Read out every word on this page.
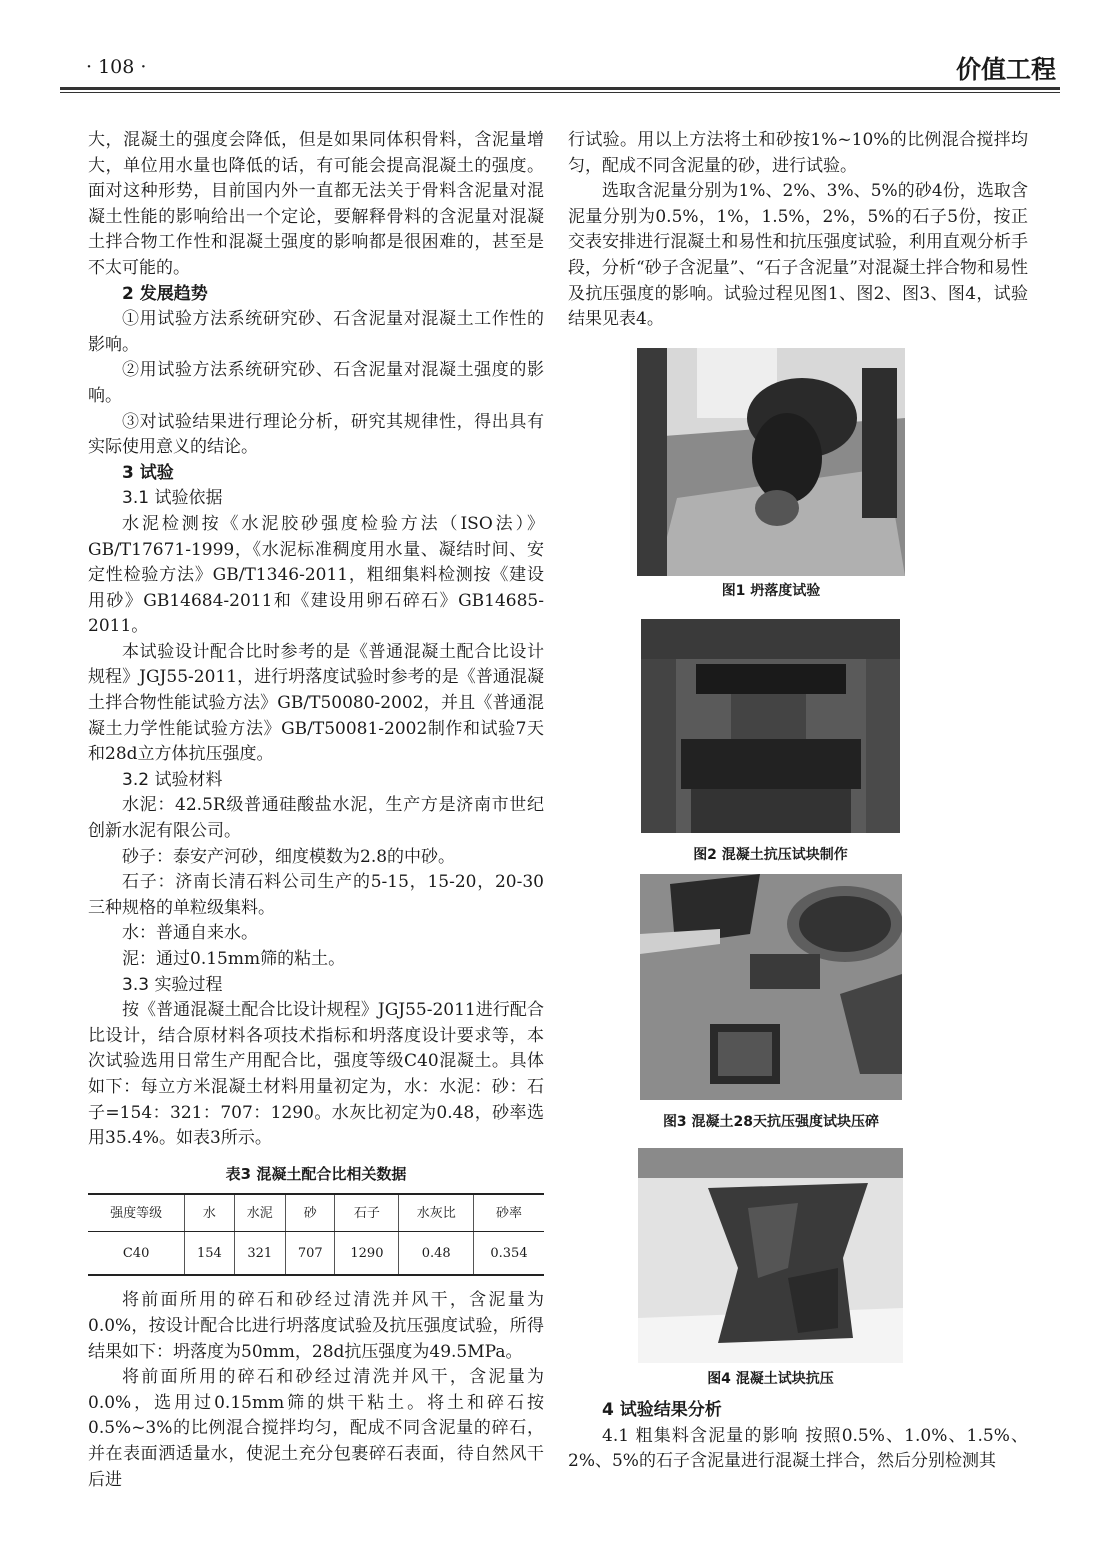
· 108 ·	价值工程

大，混凝土的强度会降低，但是如果同体积骨料，含泥量增大，单位用水量也降低的话，有可能会提高混凝土的强度。面对这种形势，目前国内外一直都无法关于骨料含泥量对混凝土性能的影响给出一个定论，要解释骨料的含泥量对混凝土拌合物工作性和混凝土强度的影响都是很困难的，甚至是不太可能的。

2 发展趋势

①用试验方法系统研究砂、石含泥量对混凝土工作性的影响。

②用试验方法系统研究砂、石含泥量对混凝土强度的影响。

③对试验结果进行理论分析，研究其规律性，得出具有实际使用意义的结论。

3 试验
3.1 试验依据

水泥检测按《水泥胶砂强度检验方法（ISO法）》GB/T17671-1999，《水泥标准稠度用水量、凝结时间、安定性检验方法》GB/T1346-2011，粗细集料检测按《建设用砂》GB14684-2011和《建设用卵石碎石》GB14685-2011。

本试验设计配合比时参考的是《普通混凝土配合比设计规程》JGJ55-2011，进行坍落度试验时参考的是《普通混凝土拌合物性能试验方法》GB/T50080-2002，并且《普通混凝土力学性能试验方法》GB/T50081-2002制作和试验7天和28d立方体抗压强度。

3.2 试验材料

水泥：42.5R级普通硅酸盐水泥，生产方是济南市世纪创新水泥有限公司。

砂子：泰安产河砂，细度模数为2.8的中砂。

石子：济南长清石料公司生产的5-15，15-20，20-30三种规格的单粒级集料。

水：普通自来水。

泥：通过0.15mm筛的粘土。

3.3 实验过程

按《普通混凝土配合比设计规程》JGJ55-2011进行配合比设计，结合原材料各项技术指标和坍落度设计要求等，本次试验选用日常生产用配合比，强度等级C40混凝土。具体如下：每立方米混凝土材料用量初定为，水：水泥：砂：石子=154：321：707：1290。水灰比初定为0.48，砂率选用35.4%。如表3所示。

表3 混凝土配合比相关数据
强度等级	水	水泥	砂	石子	水灰比	砂率
C40	154	321	707	1290	0.48	0.354

将前面所用的碎石和砂经过清洗并风干，含泥量为0.0%，按设计配合比进行坍落度试验及抗压强度试验，所得结果如下：坍落度为50mm，28d抗压强度为49.5MPa。

将前面所用的碎石和砂经过清洗并风干，含泥量为0.0%，选用过0.15mm筛的烘干粘土。将土和碎石按0.5%~3%的比例混合搅拌均匀，配成不同含泥量的碎石，并在表面洒适量水，使泥土充分包裹碎石表面，待自然风干后进

行试验。用以上方法将土和砂按1%~10%的比例混合搅拌均匀，配成不同含泥量的砂，进行试验。

选取含泥量分别为1%、2%、3%、5%的砂4份，选取含泥量分别为0.5%，1%，1.5%，2%，5%的石子5份，按正交表安排进行混凝土和易性和抗压强度试验，利用直观分析手段，分析“砂子含泥量”、“石子含泥量”对混凝土拌合物和易性及抗压强度的影响。试验过程见图1、图2、图3、图4，试验结果见表4。

图1 坍落度试验
图2 混凝土抗压试块制作
图3 混凝土28天抗压强度试块压碎
图4 混凝土试块抗压
4 试验结果分析

4.1 粗集料含泥量的影响 按照0.5%、1.0%、1.5%、2%、5%的石子含泥量进行混凝土拌合，然后分别检测其
